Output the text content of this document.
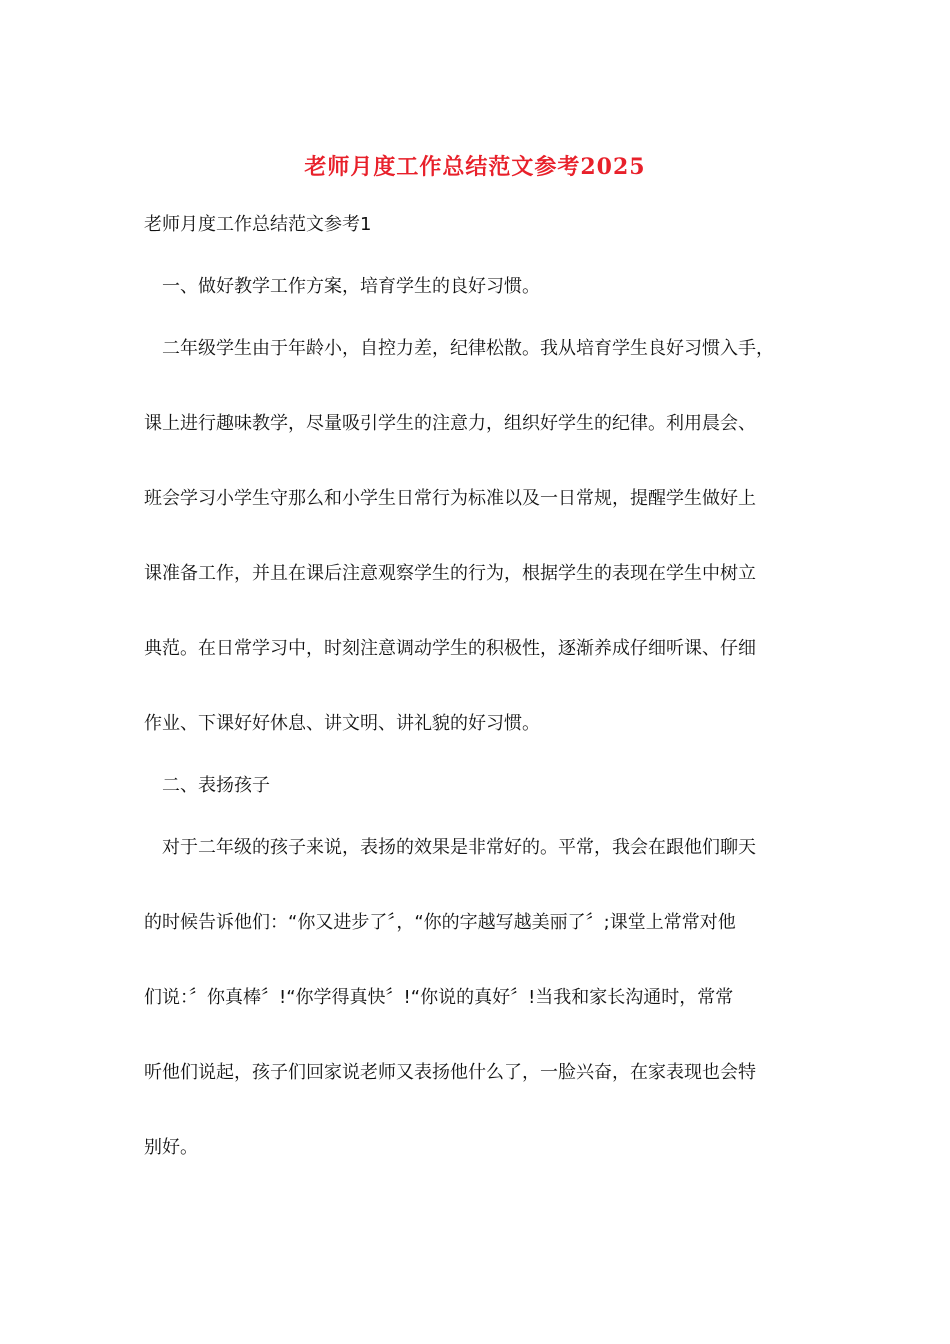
老师月度工作总结范文参考2025
老师月度工作总结范文参考1
一、做好教学工作方案，培育学生的良好习惯。
二年级学生由于年龄小，自控力差，纪律松散。我从培育学生良好习惯入手，
课上进行趣味教学，尽量吸引学生的注意力，组织好学生的纪律。利用晨会、
班会学习小学生守那么和小学生日常行为标准以及一日常规，提醒学生做好上
课准备工作，并且在课后注意观察学生的行为，根据学生的表现在学生中树立
典范。在日常学习中，时刻注意调动学生的积极性，逐渐养成仔细听课、仔细
作业、下课好好休息、讲文明、讲礼貌的好习惯。
二、表扬孩子
对于二年级的孩子来说，表扬的效果是非常好的。平常，我会在跟他们聊天
的时候告诉他们：“你又进步了〞，“你的字越写越美丽了〞;课堂上常常对他
们说：〞你真棒〞!“你学得真快〞!“你说的真好〞!当我和家长沟通时，常常
听他们说起，孩子们回家说老师又表扬他什么了，一脸兴奋，在家表现也会特
别好。
